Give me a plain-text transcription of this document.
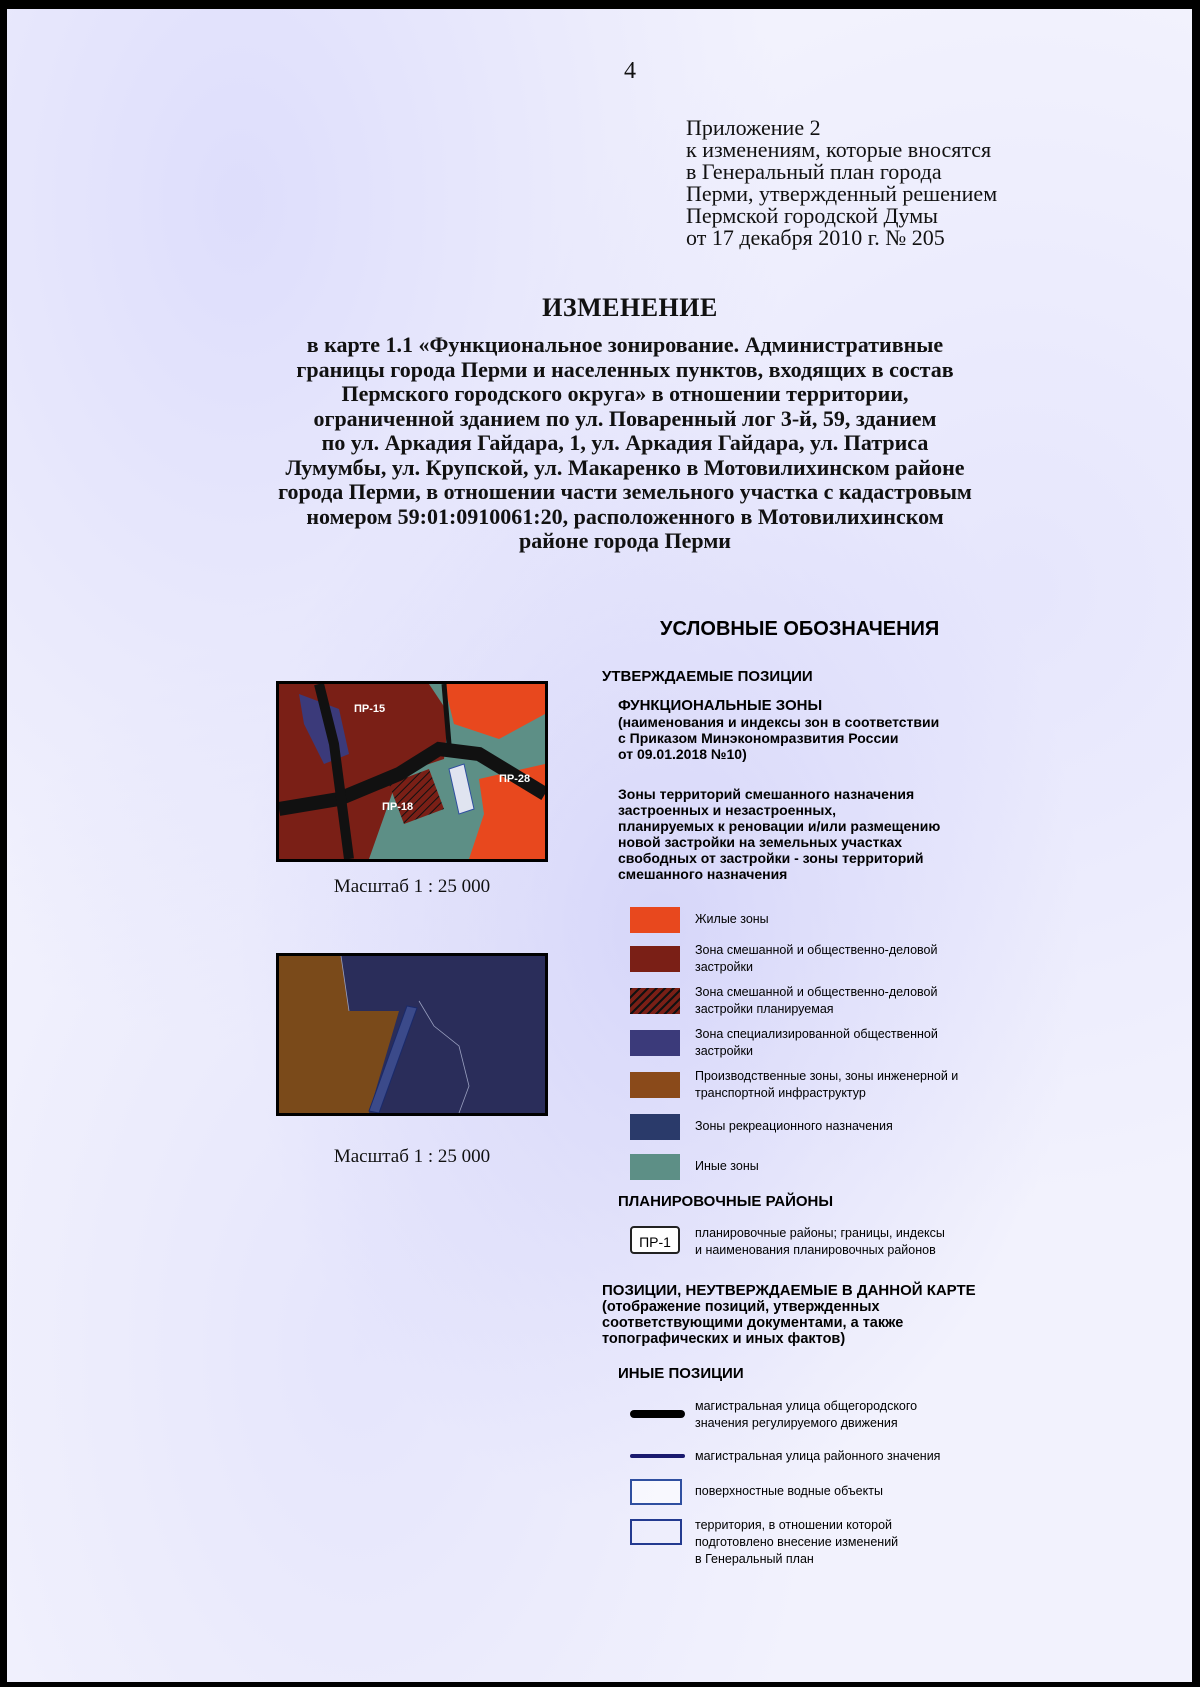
4
Приложение 2
к изменениям, которые вносятся
в Генеральный план города
Перми, утвержденный решением
Пермской городской Думы
от 17 декабря 2010 г. № 205
ИЗМЕНЕНИЕ
в карте 1.1 «Функциональное зонирование. Административные
границы города Перми и населенных пунктов, входящих в состав
Пермского городского округа» в отношении территории,
ограниченной зданием по ул. Поваренный лог 3-й, 59, зданием
по ул. Аркадия Гайдара, 1, ул. Аркадия Гайдара, ул. Патриса
Лумумбы, ул. Крупской, ул. Макаренко в Мотовилихинском районе
города Перми, в отношении части земельного участка с кадастровым
номером 59:01:0910061:20, расположенного в Мотовилихинском
районе города Перми
ПР-15
ПР-18
ПР-28
Масштаб 1 : 25 000
Масштаб 1 : 25 000
УСЛОВНЫЕ ОБОЗНАЧЕНИЯ
УТВЕРЖДАЕМЫЕ ПОЗИЦИИ
ФУНКЦИОНАЛЬНЫЕ ЗОНЫ
(наименования и индексы зон в соответствии
с Приказом Минэкономразвития России
от 09.01.2018 №10)
Зоны территорий смешанного назначения
застроенных и незастроенных,
планируемых к реновации и/или размещению
новой застройки на земельных участках
свободных от застройки - зоны территорий
смешанного назначения
Жилые зоны
Зона смешанной и общественно-деловой
застройки
Зона смешанной и общественно-деловой
застройки планируемая
Зона специализированной общественной
застройки
Производственные зоны, зоны инженерной и
транспортной инфраструктур
Зоны рекреационного назначения
Иные зоны
ПЛАНИРОВОЧНЫЕ РАЙОНЫ
ПР-1
планировочные районы; границы, индексы
и наименования планировочных районов
ПОЗИЦИИ, НЕУТВЕРЖДАЕМЫЕ В ДАННОЙ КАРТЕ
(отображение позиций, утвержденных
соответствующими документами, а также
топографических и иных фактов)
ИНЫЕ ПОЗИЦИИ
магистральная улица общегородского
значения регулируемого движения
магистральная улица районного значения
поверхностные водные объекты
территория, в отношении которой
подготовлено внесение изменений
в Генеральный план
